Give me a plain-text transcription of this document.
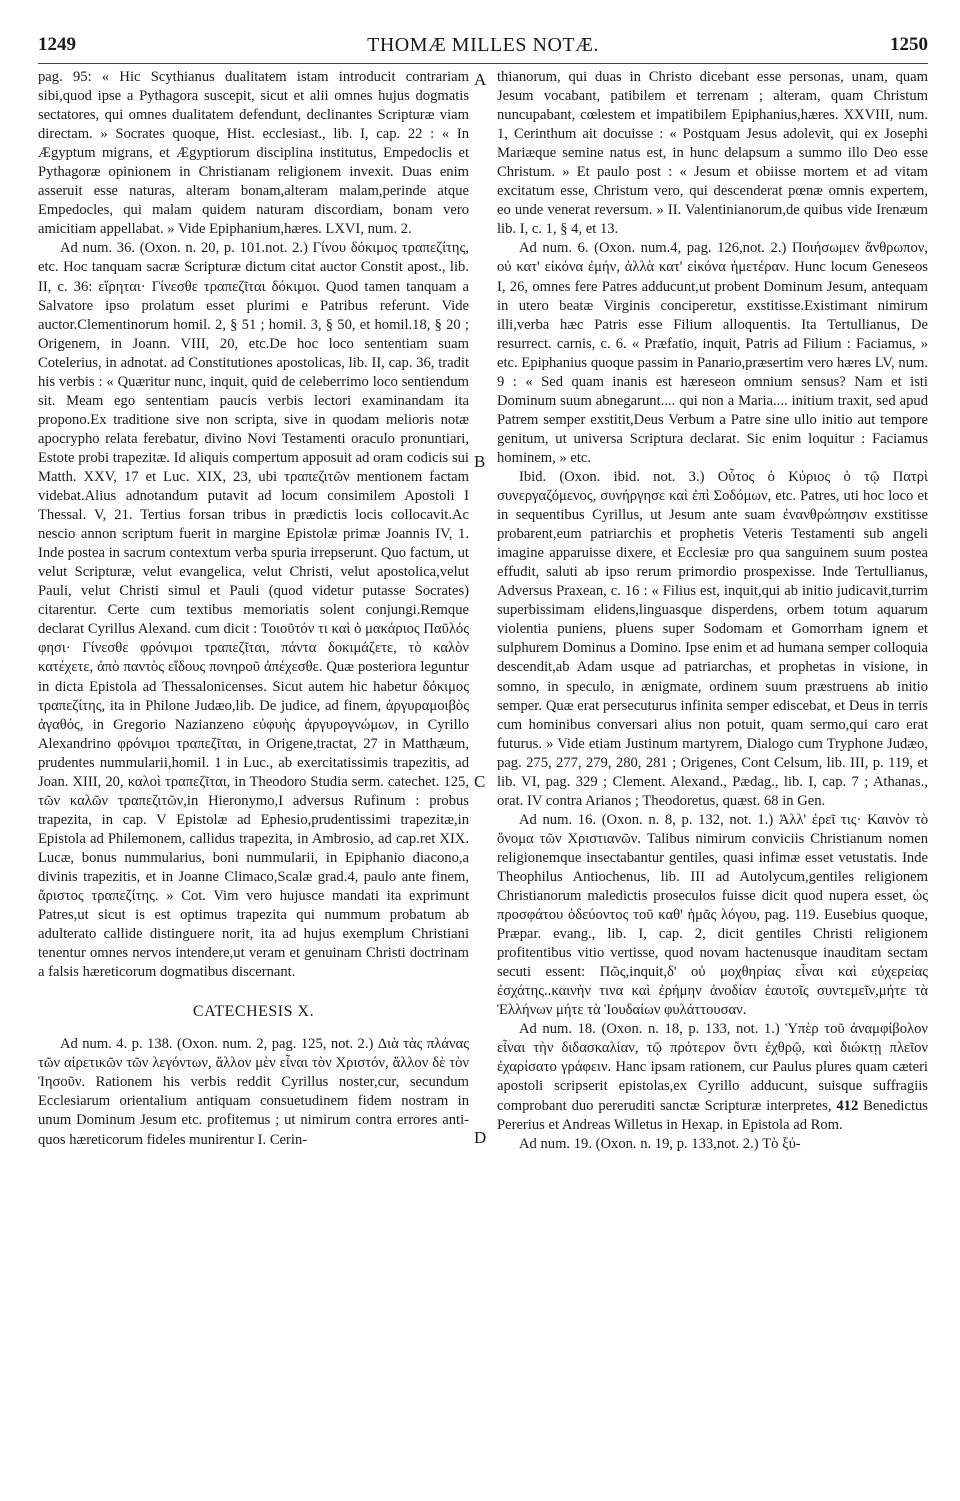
1249	THOMÆ MILLES NOTÆ.	1250
A
B
C
D

pag. 95: « Hic Scythianus dualitatem istam introducit contrariam sibi,quod ipse a Pythagora suscepit, sicut et alii omnes hujus dogmatis sectatores, qui omnes dualitatem defendunt, declinantes Scripturæ viam directam. » Socrates quoque, Hist. ecclesiast., lib. I, cap. 22 : « In Ægyptum migrans, et Ægyptiorum disciplina institutus, Empedoclis et Pythagoræ opinionem in Christianam religionem invexit. Duas enim asseruit esse naturas, alteram bonam,alteram malam,perinde atque Empedocles, qui malam quidem naturam discordiam, bonam vero amicitiam appellabat. » Vide Epiphanium,hæres. LXVI, num. 2.

Ad num. 36. (Oxon. n. 20, p. 101.not. 2.) Γίνου δόκιμος τραπεζίτης, etc. Hoc tanquam sacræ Scripturæ dictum citat auctor Constit apost., lib. II, c. 36: εἴρηται· Γίνεσθε τραπεζῖται δόκιμοι. Quod tamen tanquam a Salvatore ipso prolatum esset plurimi e Patribus referunt. Vide auctor.Clementinorum homil. 2, § 51 ; homil. 3, § 50, et homil.18, § 20 ; Origenem, in Joann. VIII, 20, etc.De hoc loco sententiam suam Cotelerius, in adnotat. ad Constitutiones apostolicas, lib. II, cap. 36, tradit his verbis : « Quæritur nunc, inquit, quid de celeberrimo loco sentiendum sit. Meam ego sententiam paucis verbis lectori examinandam ita propono.Ex traditione sive non scripta, sive in quodam melioris notæ apocrypho relata ferebatur, divino Novi Testamenti oraculo pronuntiari, Estote probi trapezitæ. Id aliquis compertum apposuit ad oram codicis sui Matth. XXV, 17 et Luc. XIX, 23, ubi τραπεζιτῶν mentionem factam videbat.Alius adnotandum putavit ad locum consimilem Apostoli I Thessal. V, 21. Tertius forsan tribus in prædictis locis collocavit.Ac nescio annon scriptum fuerit in margine Epistolæ primæ Joannis IV, 1. Inde postea in sacrum contextum verba spuria irrepserunt. Quo factum, ut velut Scripturæ, velut evangelica, velut Christi, velut apostolica,velut Pauli, velut Christi simul et Pauli (quod videtur putasse Socrates) citarentur. Certe cum textibus memoriatis solent conjungi.Remque declarat Cyrillus Alexand. cum dicit : Τοιοῦτόν τι καὶ ὁ μακάριος Παῦλός φησι· Γίνεσθε φρόνιμοι τραπεζῖται, πάντα δοκιμάζετε, τὸ καλὸν κατέχετε, ἀπὸ παντὸς εἴδους πονηροῦ ἀπέχεσθε. Quæ posteriora leguntur in dicta Epistola ad Thessalonicenses. Sicut autem hic habetur δόκιμος τραπεζίτης, ita in Philone Judæo,lib. De judice, ad finem, ἀργυραμοιβὸς ἀγαθός, in Gregorio Nazianzeno εὐφυὴς ἀργυρογνώμων, in Cyrillo Alexandrino φρόνιμοι τραπεζῖται, in Origene,tractat, 27 in Matthæum, prudentes nummularii,homil. 1 in Luc., ab exercitatissimis trapezitis, ad Joan. XIII, 20, καλοὶ τραπεζῖται, in Theodoro Studia serm. catechet. 125, τῶν καλῶν τραπεζιτῶν,in Hieronymo,I adversus Rufinum : probus trapezita, in cap. V Epistolæ ad Ephesio,prudentissimi trapezitæ,in Epistola ad Philemonem, callidus trapezita, in Ambrosio, ad cap.ret XIX. Lucæ, bonus nummularius, boni nummularii, in Epiphanio diacono,a divinis trapezitis, et in Joanne Climaco,Scalæ grad.4, paulo ante finem, ἄριστος τραπεζίτης. » Cot. Vim vero hujusce mandati ita exprimunt Patres,ut sicut is est optimus trapezita qui nummum probatum ab adulterato callide distinguere norit, ita ad hujus exemplum Christiani tenentur omnes nervos intendere,ut veram et genuinam Christi doctrinam a falsis hæreticorum dogmatibus discernant.

CATECHESIS X.

Ad num. 4. p. 138. (Oxon. num. 2, pag. 125, not. 2.) Διὰ τὰς πλάνας τῶν αἱρετικῶν τῶν λεγόντων, ἄλλον μὲν εἶναι τὸν Χριστόν, ἄλλον δὲ τὸν Ἰησοῦν. Rationem his verbis reddit Cyrillus noster,cur, secundum Ecclesiarum orientalium antiquam consuetudinem fidem nostram in unum Dominum Jesum etc. profitemus ; ut nimirum contra errores anti- quos hæreticorum fideles munirentur I. Cerin-

thianorum, qui duas in Christo dicebant esse personas, unam, quam Jesum vocabant, patibilem et terrenam ; alteram, quam Christum nuncupabant, cœlestem et impatibilem Epiphanius,hæres. XXVIII, num. 1, Cerinthum ait docuisse : « Postquam Jesus adolevit, qui ex Josephi Mariæque semine natus est, in hunc delapsum a summo illo Deo esse Christum. » Et paulo post : « Jesum et obiisse mortem et ad vitam excitatum esse, Christum vero, qui descenderat pœnæ omnis expertem, eo unde venerat reversum. » II. Valentinianorum,de quibus vide Irenæum lib. I, c. 1, § 4, et 13.

Ad num. 6. (Oxon. num.4, pag. 126,not. 2.) Ποιήσωμεν ἄνθρωπον, οὐ κατ' εἰκόνα ἐμήν, ἀλλὰ κατ' εἰκόνα ἡμετέραν. Hunc locum Geneseos I, 26, omnes fere Patres adducunt,ut probent Dominum Jesum, antequam in utero beatæ Virginis conciperetur, exstitisse.Existimant nimirum illi,verba hæc Patris esse Filium alloquentis. Ita Tertullianus, De resurrect. carnis, c. 6. « Præfatio, inquit, Patris ad Filium : Faciamus, » etc. Epiphanius quoque passim in Panario,præsertim vero hæres LV, num. 9 : « Sed quam inanis est hæreseon omnium sensus? Nam et isti Dominum suum abnegarunt.... qui non a Maria.... initium traxit, sed apud Patrem semper exstitit,Deus Verbum a Patre sine ullo initio aut tempore genitum, ut universa Scriptura declarat. Sic enim loquitur : Faciamus hominem, » etc.

Ibid. (Oxon. ibid. not. 3.) Οὗτος ὁ Κύριος ὁ τῷ Πατρὶ συνεργαζόμενος, συνήργησε καὶ ἐπὶ Σοδόμων, etc. Patres, uti hoc loco et in sequentibus Cyrillus, ut Jesum ante suam ἐνανθρώπησιν exstitisse probarent,eum patriarchis et prophetis Veteris Testamenti sub angeli imagine apparuisse dixere, et Ecclesiæ pro qua sanguinem suum postea effudit, saluti ab ipso rerum primordio prospexisse. Inde Tertullianus, Adversus Praxean, c. 16 : « Filius est, inquit,qui ab initio judicavit,turrim superbissimam elidens,linguasque disperdens, orbem totum aquarum violentia puniens, pluens super Sodomam et Gomorrham ignem et sulphurem Dominus a Domino. Ipse enim et ad humana semper colloquia descendit,ab Adam usque ad patriarchas, et prophetas in visione, in somno, in speculo, in ænigmate, ordinem suum præstruens ab initio semper. Quæ erat persecuturus infinita semper ediscebat, et Deus in terris cum hominibus conversari alius non potuit, quam sermo,qui caro erat futurus. » Vide etiam Justinum martyrem, Dialogo cum Tryphone Judæo, pag. 275, 277, 279, 280, 281 ; Origenes, Cont Celsum, lib. III, p. 119, et lib. VI, pag. 329 ; Clement. Alexand., Pædag., lib. I, cap. 7 ; Athanas., orat. IV contra Arianos ; Theodoretus, quæst. 68 in Gen.

Ad num. 16. (Oxon. n. 8, p. 132, not. 1.) Ἀλλ' ἐρεῖ τις· Καινὸν τὸ ὄνομα τῶν Χριστιανῶν. Talibus nimirum conviciis Christianum nomen religionemque insectabantur gentiles, quasi infimæ esset vetustatis. Inde Theophilus Antiochenus, lib. III ad Autolycum,gentiles religionem Christianorum maledictis proseculos fuisse dicit quod nupera esset, ὡς προσφάτου ὁδεύοντος τοῦ καθ' ἡμᾶς λόγου, pag. 119. Eusebius quoque, Præpar. evang., lib. I, cap. 2, dicit gentiles Christi religionem profitentibus vitio vertisse, quod novam hactenusque inauditam sectam secuti essent: Πῶς,inquit,δ' οὐ μοχθηρίας εἶναι καὶ εὐχερείας ἐσχάτης..καινὴν τινα καὶ ἐρήμην ἀνοδίαν ἑαυτοῖς συντεμεῖν,μήτε τὰ Ἑλλήνων μήτε τὰ Ἰουδαίων φυλάττουσαν.

Ad num. 18. (Oxon. n. 18, p. 133, not. 1.) Ὑπὲρ τοῦ ἀναμφίβολον εἶναι τὴν διδασκαλίαν, τῷ πρότερον ὄντι ἐχθρῷ, καὶ διώκτῃ πλεῖον ἐχαρίσατο γράφειν. Hanc ipsam rationem, cur Paulus plures quam cæteri apostoli scripserit epistolas,ex Cyrillo adducunt, suisque suffragiis comprobant duo pereruditi sanctæ Scripturæ interpretes, 412 Benedictus Pererius et Andreas Willetus in Hexap. in Epistola ad Rom.

Ad num. 19. (Oxon. n. 19, p. 133,not. 2.) Τὸ ξύ-
